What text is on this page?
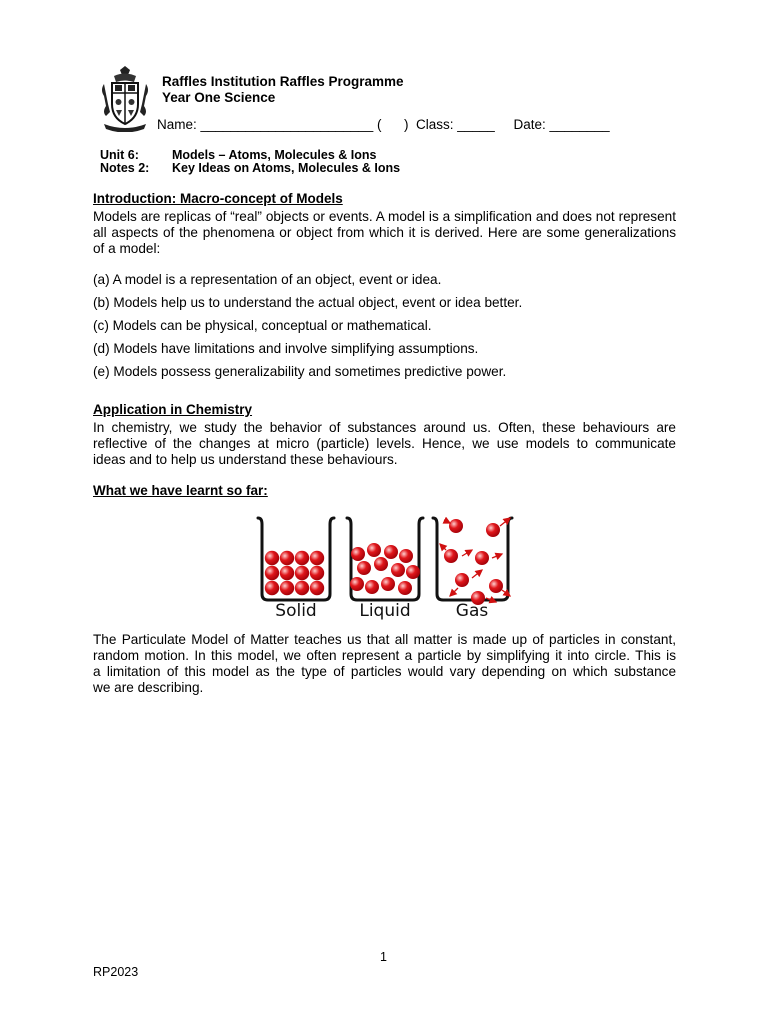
Raffles Institution Raffles Programme
Year One Science
Name: _______________________ (      )  Class: _____     Date: ________
Unit 6:	Models – Atoms, Molecules & Ions
Notes 2: Key Ideas on Atoms, Molecules & Ions
Introduction: Macro-concept of Models
Models are replicas of “real” objects or events. A model is a simplification and does not represent
all aspects of the phenomena or object from which it is derived. Here are some generalizations
of a model:
(a) A model is a representation of an object, event or idea.
(b) Models help us to understand the actual object, event or idea better.
(c) Models can be physical, conceptual or mathematical.
(d) Models have limitations and involve simplifying assumptions.
(e) Models possess generalizability and sometimes predictive power.
Application in Chemistry
In chemistry, we study the behavior of substances around us. Often, these behaviours are
reflective of the changes at micro (particle) levels. Hence, we use models to communicate
ideas and to help us understand these behaviours.
What we have learnt so far:
Solid	Liquid	Gas
The Particulate Model of Matter teaches us that all matter is made up of particles in constant,
random motion. In this model, we often represent a particle by simplifying it into circle. This is
a limitation of this model as the type of particles would vary depending on which substance
we are describing.
1
RP2023
